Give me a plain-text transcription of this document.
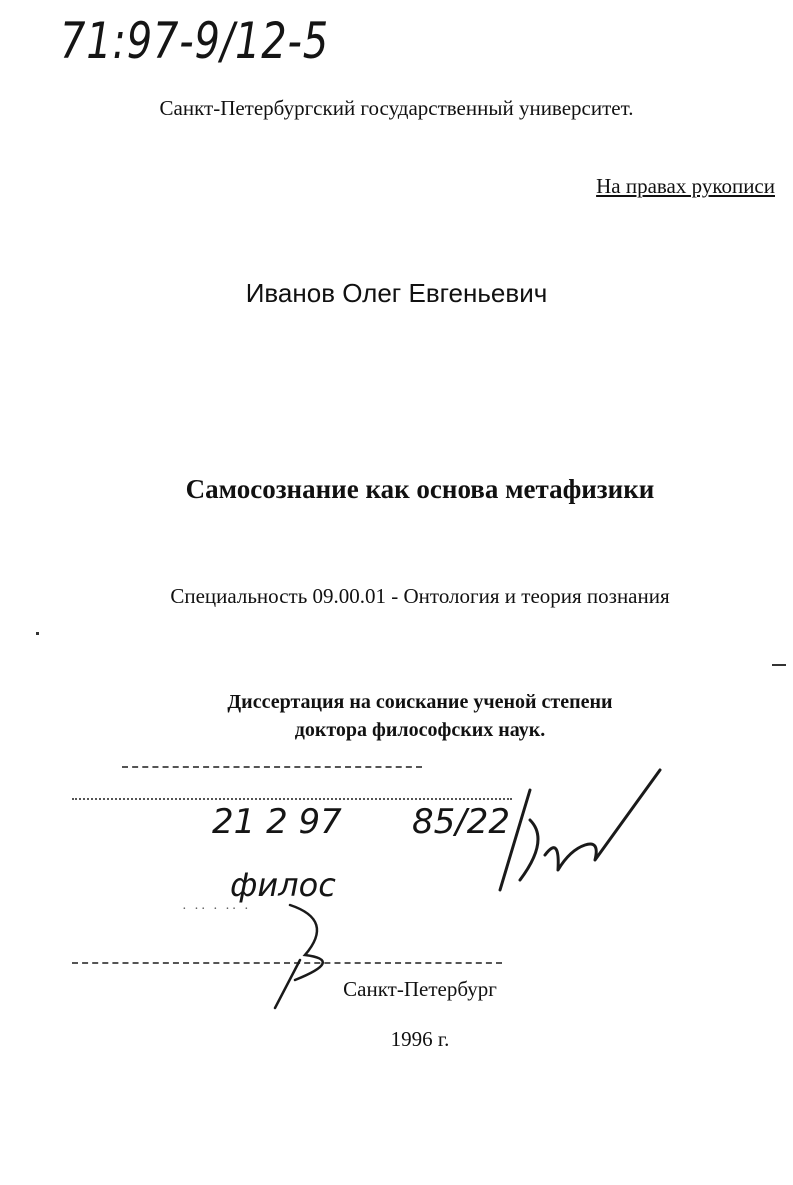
71:97-9/12-5
Санкт-Петербургский государственный университет.
На правах рукописи
Иванов Олег Евгеньевич
Самосознание как основа метафизики
Специальность 09.00.01 - Онтология и теория познания
Диссертация на соискание ученой степени
доктора философских наук.
21 2 97 85/22
филос
· ·· · ·· ·
Санкт-Петербург
1996 г.
